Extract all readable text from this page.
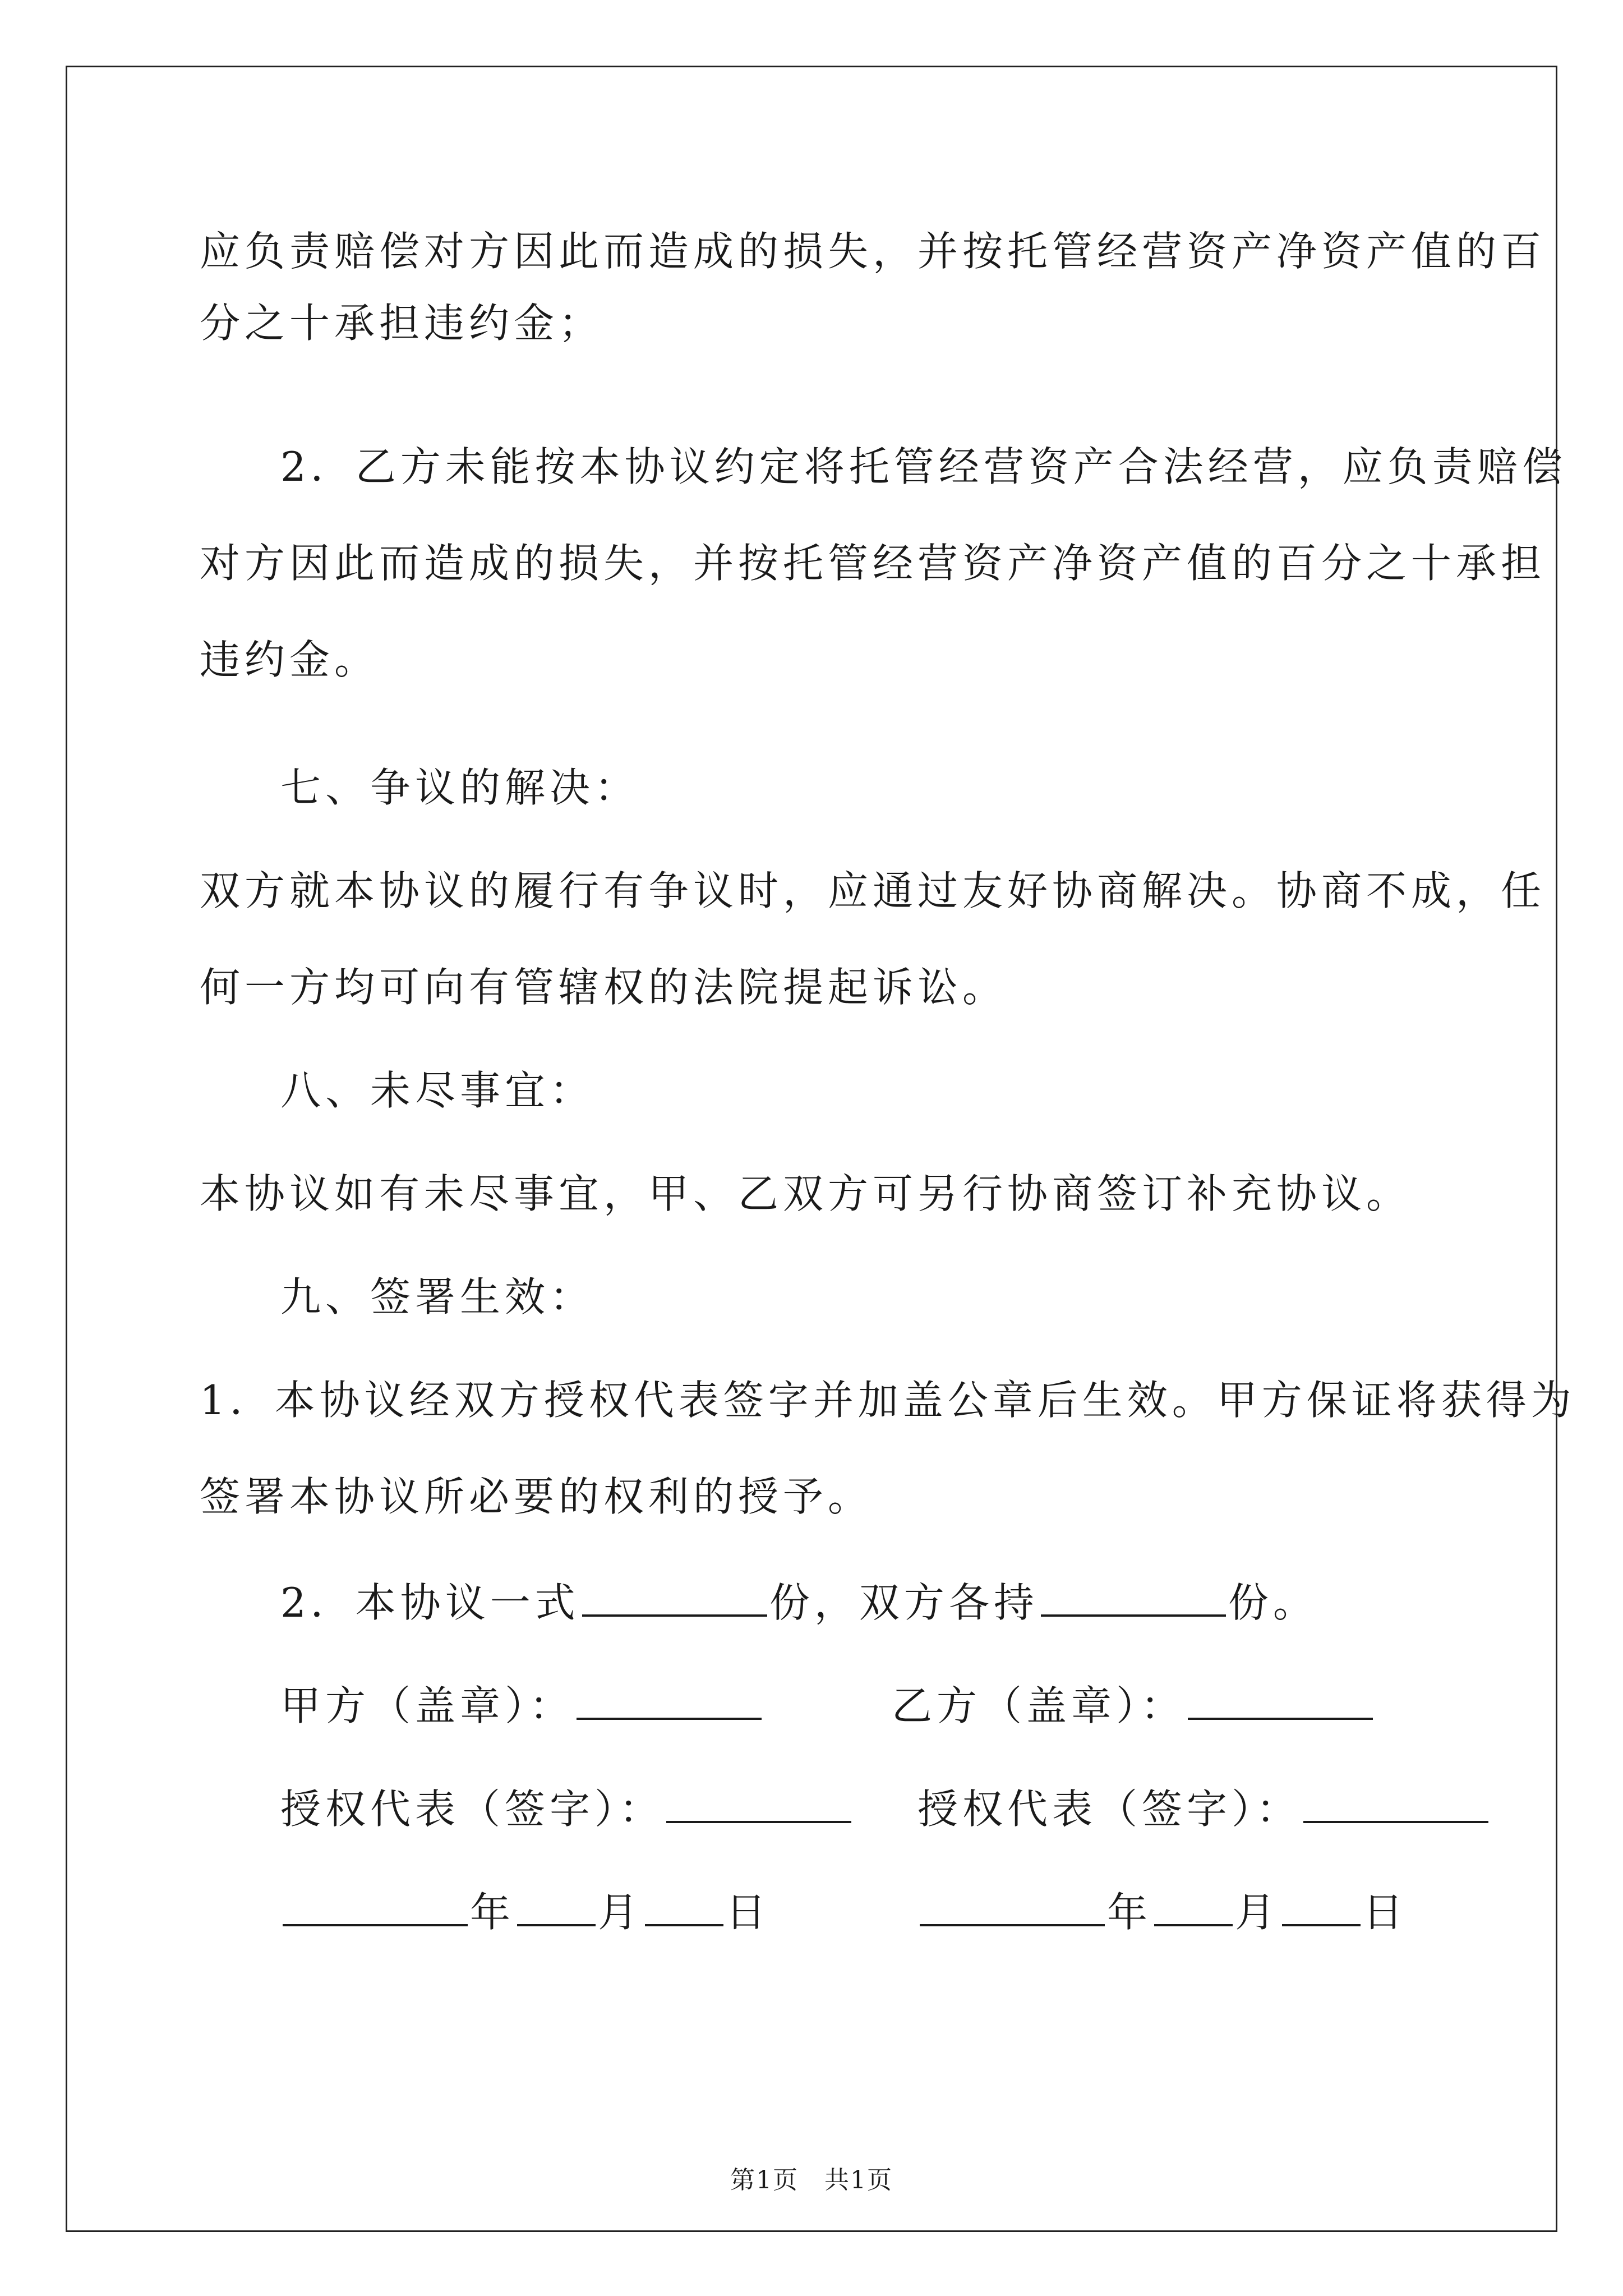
应负责赔偿对方因此而造成的损失，并按托管经营资产净资产值的百
分之十承担违约金；
2．乙方未能按本协议约定将托管经营资产合法经营，应负责赔偿
对方因此而造成的损失，并按托管经营资产净资产值的百分之十承担
违约金。
七、争议的解决：
双方就本协议的履行有争议时，应通过友好协商解决。协商不成，任
何一方均可向有管辖权的法院提起诉讼。
八、未尽事宜：
本协议如有未尽事宜，甲、乙双方可另行协商签订补充协议。
九、签署生效：
1．本协议经双方授权代表签字并加盖公章后生效。甲方保证将获得为
签署本协议所必要的权利的授予。
2．本协议一式	份，双方各持	份。
甲方（盖章）：	乙方（盖章）：
授权代表（签字）：	授权代表（签字）：
年 月 日	年 月 日
第1页　共1页
